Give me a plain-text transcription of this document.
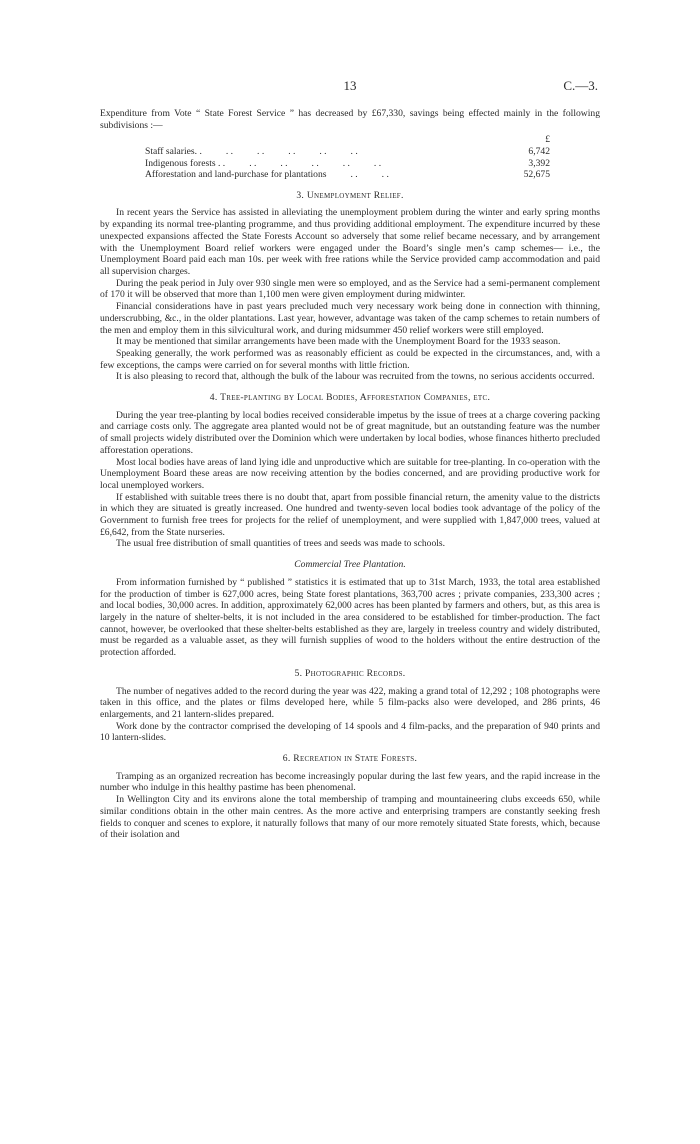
13	C.—3.

Expenditure from Vote “ State Forest Service ” has decreased by £67,330, savings being effected mainly in the following subdivisions :—

£
Staff salaries. .          . .          . .          . .          . .          . .	6,742
Indigenous forests . .          . .          . .          . .          . .          . .	3,392
Afforestation and land-purchase for plantations          . .          . .	52,675
3. Unemployment Relief.

In recent years the Service has assisted in alleviating the unemployment problem during the winter and early spring months by expanding its normal tree-planting programme, and thus providing additional employment. The expenditure incurred by these unexpected expansions affected the State Forests Account so adversely that some relief became necessary, and by arrangement with the Unemployment Board relief workers were engaged under the Board’s single men’s camp schemes— i.e., the Unemployment Board paid each man 10s. per week with free rations while the Service provided camp accommodation and paid all supervision charges.

During the peak period in July over 930 single men were so employed, and as the Service had a semi-permanent complement of 170 it will be observed that more than 1,100 men were given employment during midwinter.

Financial considerations have in past years precluded much very necessary work being done in connection with thinning, underscrubbing, &c., in the older plantations. Last year, however, advantage was taken of the camp schemes to retain numbers of the men and employ them in this silvicultural work, and during midsummer 450 relief workers were still employed.

It may be mentioned that similar arrangements have been made with the Unemployment Board for the 1933 season.

Speaking generally, the work performed was as reasonably efficient as could be expected in the circumstances, and, with a few exceptions, the camps were carried on for several months with little friction.

It is also pleasing to record that, although the bulk of the labour was recruited from the towns, no serious accidents occurred.

4. Tree-planting by Local Bodies, Afforestation Companies, etc.

During the year tree-planting by local bodies received considerable impetus by the issue of trees at a charge covering packing and carriage costs only. The aggregate area planted would not be of great magnitude, but an outstanding feature was the number of small projects widely distributed over the Dominion which were undertaken by local bodies, whose finances hitherto precluded afforestation operations.

Most local bodies have areas of land lying idle and unproductive which are suitable for tree-planting. In co-operation with the Unemployment Board these areas are now receiving attention by the bodies concerned, and are providing productive work for local unemployed workers.

If established with suitable trees there is no doubt that, apart from possible financial return, the amenity value to the districts in which they are situated is greatly increased. One hundred and twenty-seven local bodies took advantage of the policy of the Government to furnish free trees for projects for the relief of unemployment, and were supplied with 1,847,000 trees, valued at £6,642, from the State nurseries.

The usual free distribution of small quantities of trees and seeds was made to schools.

Commercial Tree Plantation.

From information furnished by “ published ” statistics it is estimated that up to 31st March, 1933, the total area established for the production of timber is 627,000 acres, being State forest plantations, 363,700 acres ; private companies, 233,300 acres ; and local bodies, 30,000 acres. In addition, approximately 62,000 acres has been planted by farmers and others, but, as this area is largely in the nature of shelter-belts, it is not included in the area considered to be established for timber-production. The fact cannot, however, be overlooked that these shelter-belts established as they are, largely in treeless country and widely distributed, must be regarded as a valuable asset, as they will furnish supplies of wood to the holders without the entire destruction of the protection afforded.

5. Photographic Records.

The number of negatives added to the record during the year was 422, making a grand total of 12,292 ; 108 photographs were taken in this office, and the plates or films developed here, while 5 film-packs also were developed, and 286 prints, 46 enlargements, and 21 lantern-slides prepared.

Work done by the contractor comprised the developing of 14 spools and 4 film-packs, and the preparation of 940 prints and 10 lantern-slides.

6. Recreation in State Forests.

Tramping as an organized recreation has become increasingly popular during the last few years, and the rapid increase in the number who indulge in this healthy pastime has been phenomenal.

In Wellington City and its environs alone the total membership of tramping and mountaineering clubs exceeds 650, while similar conditions obtain in the other main centres. As the more active and enterprising trampers are constantly seeking fresh fields to conquer and scenes to explore, it naturally follows that many of our more remotely situated State forests, which, because of their isolation and
